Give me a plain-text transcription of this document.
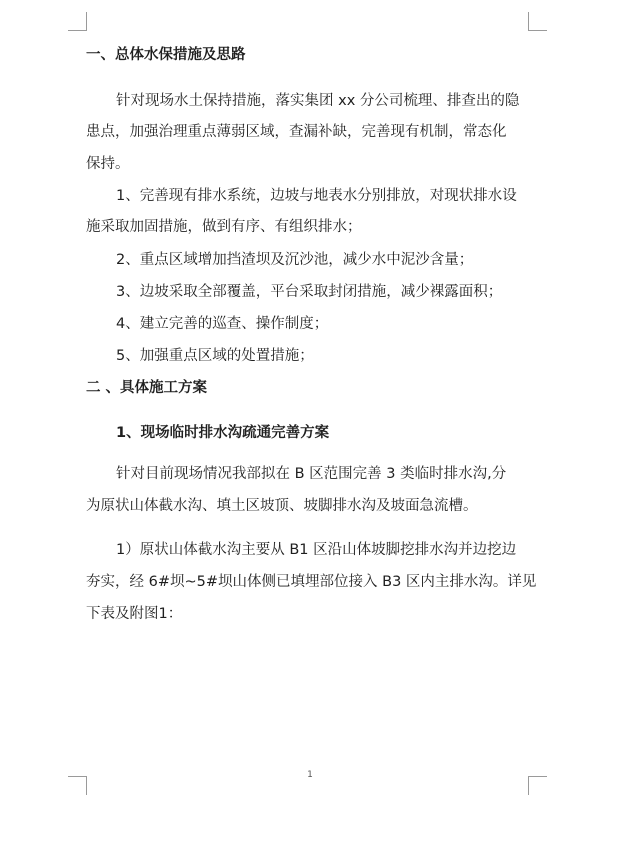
一、总体水保措施及思路
针对现场水土保持措施，落实集团 xx 分公司梳理、排查出的隐
患点，加强治理重点薄弱区域，查漏补缺，完善现有机制，常态化
保持。
1、完善现有排水系统，边坡与地表水分别排放，对现状排水设
施采取加固措施，做到有序、有组织排水；
2、重点区域增加挡渣坝及沉沙池，减少水中泥沙含量；
3、边坡采取全部覆盖，平台采取封闭措施，减少裸露面积；
4、建立完善的巡查、操作制度；
5、加强重点区域的处置措施；
二 、具体施工方案
1、现场临时排水沟疏通完善方案
针对目前现场情况我部拟在 B 区范围完善 3 类临时排水沟,分
为原状山体截水沟、填土区坡顶、坡脚排水沟及坡面急流槽。
1）原状山体截水沟主要从 B1 区沿山体坡脚挖排水沟并边挖边
夯实，经 6#坝~5#坝山体侧已填埋部位接入 B3 区内主排水沟。详见
下表及附图1：
1
